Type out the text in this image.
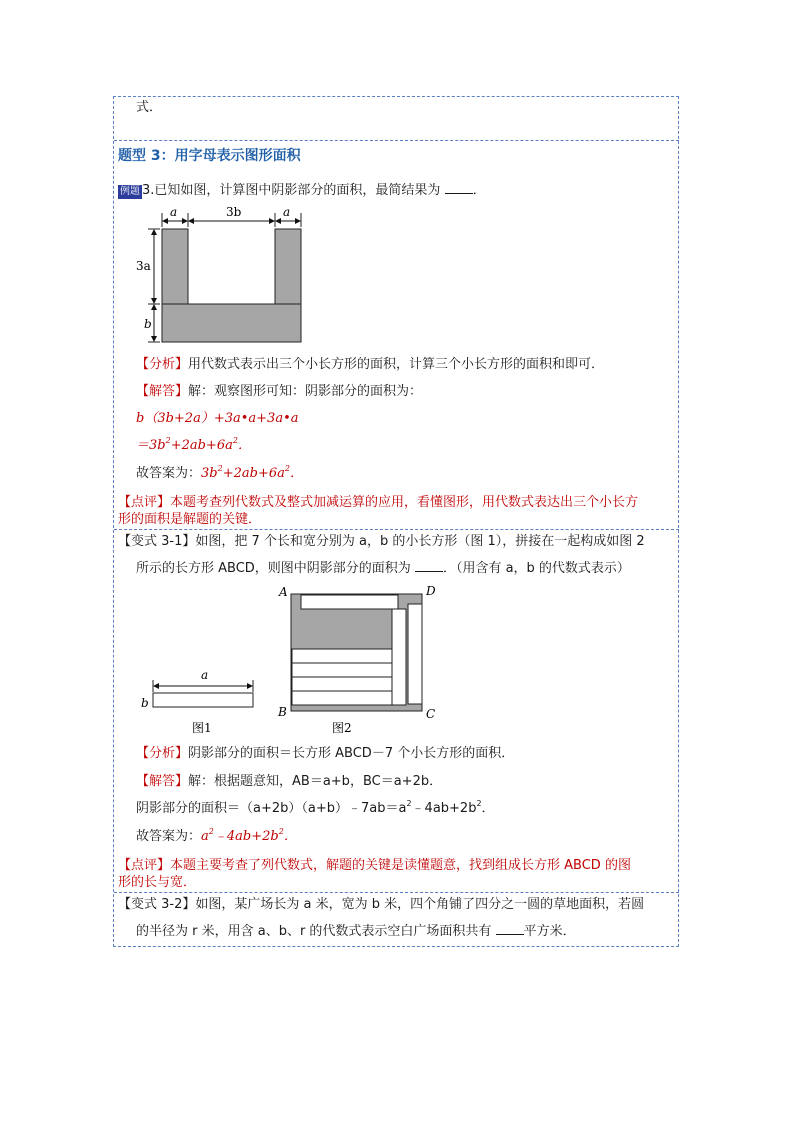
式．
题型 3：用字母表示图形面积
例题 3.已知如图，计算图中阴影部分的面积，最简结果为 ．
a	3b	a
3a
b
【分析】用代数式表示出三个小长方形的面积，计算三个小长方形的面积和即可．
【解答】解：观察图形可知：阴影部分的面积为：
b（3b+2a）+3a•a+3a•a
$=3b^2+2ab+6a^2$．
故答案为：$3b^2+2ab+6a^2$．
【点评】本题考查列代数式及整式加减运算的应用，看懂图形，用代数式表达出三个小长方
形的面积是解题的关键．
【变式 3-1】如图，把 7 个长和宽分别为 a，b 的小长方形（图 1），拼接在一起构成如图 2
所示的长方形 ABCD，则图中阴影部分的面积为 ．（用含有 a，b 的代数式表示）
a
b
图1
A
B	C
D
图2
【分析】阴影部分的面积＝长方形 ABCD－7 个小长方形的面积．
【解答】解：根据题意知，AB＝a+b，BC＝a+2b．
阴影部分的面积$=(a+2b)(a+b)﹣7ab=a^2﹣4ab+2b^2$．
故答案为：$a^2﹣4ab+2b^2$．
【点评】本题主要考查了列代数式，解题的关键是读懂题意，找到组成长方形 ABCD 的图
形的长与宽．
【变式 3-2】如图，某广场长为 a 米，宽为 b 米，四个角铺了四分之一圆的草地面积，若圆
的半径为 r 米，用含 a、b、r 的代数式表示空白广场面积共有 平方米．
